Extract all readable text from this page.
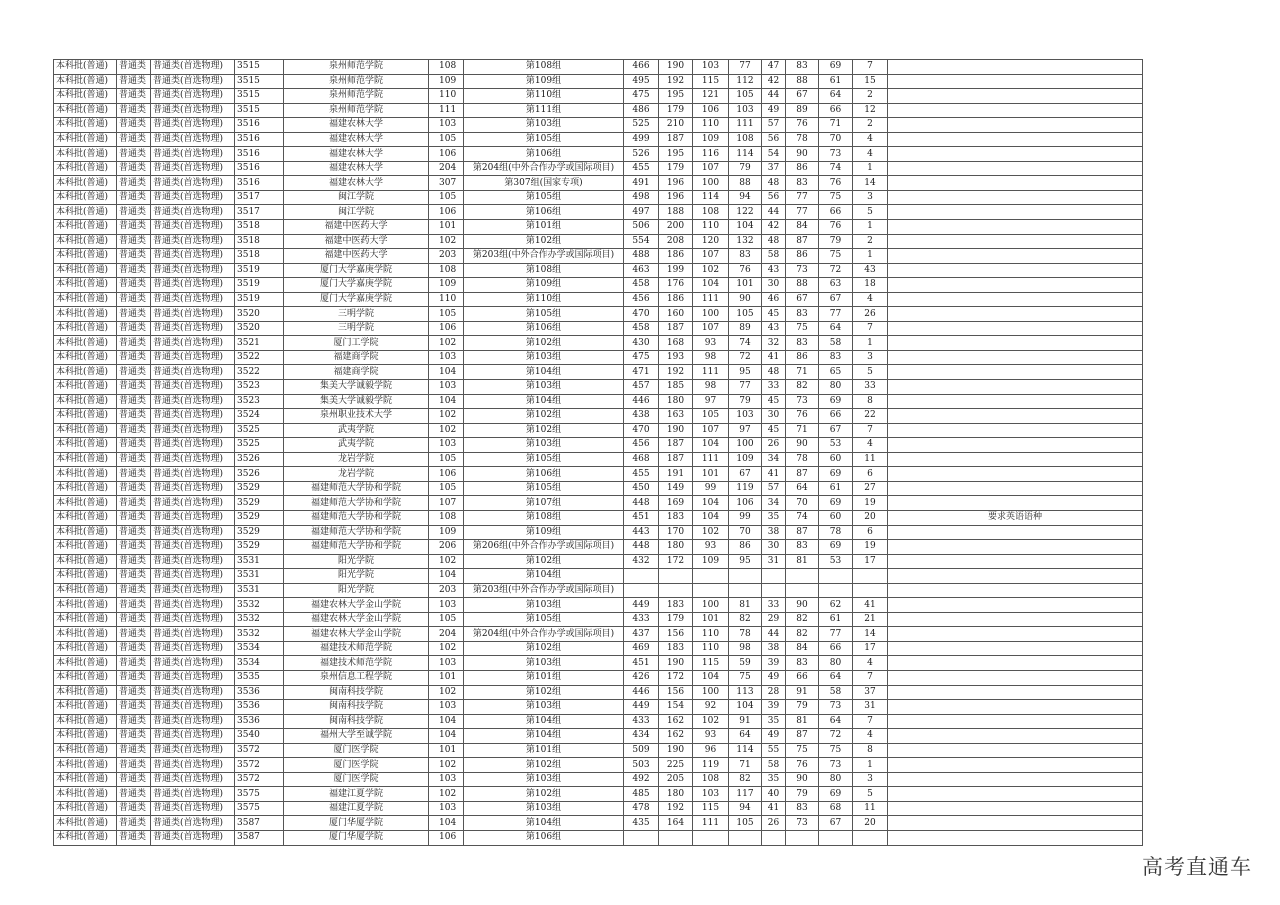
本科批(普通)	普通类	普通类(首选物理)	3515	泉州师范学院	108	第108组	466	190	103	77	47	83	69	7	
本科批(普通)	普通类	普通类(首选物理)	3515	泉州师范学院	109	第109组	495	192	115	112	42	88	61	15	
本科批(普通)	普通类	普通类(首选物理)	3515	泉州师范学院	110	第110组	475	195	121	105	44	67	64	2	
本科批(普通)	普通类	普通类(首选物理)	3515	泉州师范学院	111	第111组	486	179	106	103	49	89	66	12	
本科批(普通)	普通类	普通类(首选物理)	3516	福建农林大学	103	第103组	525	210	110	111	57	76	71	2	
本科批(普通)	普通类	普通类(首选物理)	3516	福建农林大学	105	第105组	499	187	109	108	56	78	70	4	
本科批(普通)	普通类	普通类(首选物理)	3516	福建农林大学	106	第106组	526	195	116	114	54	90	73	4	
本科批(普通)	普通类	普通类(首选物理)	3516	福建农林大学	204	第204组(中外合作办学或国际项目)	455	179	107	79	37	86	74	1	
本科批(普通)	普通类	普通类(首选物理)	3516	福建农林大学	307	第307组(国家专项)	491	196	100	88	48	83	76	14	
本科批(普通)	普通类	普通类(首选物理)	3517	闽江学院	105	第105组	498	196	114	94	56	77	75	3	
本科批(普通)	普通类	普通类(首选物理)	3517	闽江学院	106	第106组	497	188	108	122	44	77	66	5	
本科批(普通)	普通类	普通类(首选物理)	3518	福建中医药大学	101	第101组	506	200	110	104	42	84	76	1	
本科批(普通)	普通类	普通类(首选物理)	3518	福建中医药大学	102	第102组	554	208	120	132	48	87	79	2	
本科批(普通)	普通类	普通类(首选物理)	3518	福建中医药大学	203	第203组(中外合作办学或国际项目)	488	186	107	83	58	86	75	1	
本科批(普通)	普通类	普通类(首选物理)	3519	厦门大学嘉庚学院	108	第108组	463	199	102	76	43	73	72	43	
本科批(普通)	普通类	普通类(首选物理)	3519	厦门大学嘉庚学院	109	第109组	458	176	104	101	30	88	63	18	
本科批(普通)	普通类	普通类(首选物理)	3519	厦门大学嘉庚学院	110	第110组	456	186	111	90	46	67	67	4	
本科批(普通)	普通类	普通类(首选物理)	3520	三明学院	105	第105组	470	160	100	105	45	83	77	26	
本科批(普通)	普通类	普通类(首选物理)	3520	三明学院	106	第106组	458	187	107	89	43	75	64	7	
本科批(普通)	普通类	普通类(首选物理)	3521	厦门工学院	102	第102组	430	168	93	74	32	83	58	1	
本科批(普通)	普通类	普通类(首选物理)	3522	福建商学院	103	第103组	475	193	98	72	41	86	83	3	
本科批(普通)	普通类	普通类(首选物理)	3522	福建商学院	104	第104组	471	192	111	95	48	71	65	5	
本科批(普通)	普通类	普通类(首选物理)	3523	集美大学诚毅学院	103	第103组	457	185	98	77	33	82	80	33	
本科批(普通)	普通类	普通类(首选物理)	3523	集美大学诚毅学院	104	第104组	446	180	97	79	45	73	69	8	
本科批(普通)	普通类	普通类(首选物理)	3524	泉州职业技术大学	102	第102组	438	163	105	103	30	76	66	22	
本科批(普通)	普通类	普通类(首选物理)	3525	武夷学院	102	第102组	470	190	107	97	45	71	67	7	
本科批(普通)	普通类	普通类(首选物理)	3525	武夷学院	103	第103组	456	187	104	100	26	90	53	4	
本科批(普通)	普通类	普通类(首选物理)	3526	龙岩学院	105	第105组	468	187	111	109	34	78	60	11	
本科批(普通)	普通类	普通类(首选物理)	3526	龙岩学院	106	第106组	455	191	101	67	41	87	69	6	
本科批(普通)	普通类	普通类(首选物理)	3529	福建师范大学协和学院	105	第105组	450	149	99	119	57	64	61	27	
本科批(普通)	普通类	普通类(首选物理)	3529	福建师范大学协和学院	107	第107组	448	169	104	106	34	70	69	19	
本科批(普通)	普通类	普通类(首选物理)	3529	福建师范大学协和学院	108	第108组	451	183	104	99	35	74	60	20	要求英语语种
本科批(普通)	普通类	普通类(首选物理)	3529	福建师范大学协和学院	109	第109组	443	170	102	70	38	87	78	6	
本科批(普通)	普通类	普通类(首选物理)	3529	福建师范大学协和学院	206	第206组(中外合作办学或国际项目)	448	180	93	86	30	83	69	19	
本科批(普通)	普通类	普通类(首选物理)	3531	阳光学院	102	第102组	432	172	109	95	31	81	53	17	
本科批(普通)	普通类	普通类(首选物理)	3531	阳光学院	104	第104组									
本科批(普通)	普通类	普通类(首选物理)	3531	阳光学院	203	第203组(中外合作办学或国际项目)									
本科批(普通)	普通类	普通类(首选物理)	3532	福建农林大学金山学院	103	第103组	449	183	100	81	33	90	62	41	
本科批(普通)	普通类	普通类(首选物理)	3532	福建农林大学金山学院	105	第105组	433	179	101	82	29	82	61	21	
本科批(普通)	普通类	普通类(首选物理)	3532	福建农林大学金山学院	204	第204组(中外合作办学或国际项目)	437	156	110	78	44	82	77	14	
本科批(普通)	普通类	普通类(首选物理)	3534	福建技术师范学院	102	第102组	469	183	110	98	38	84	66	17	
本科批(普通)	普通类	普通类(首选物理)	3534	福建技术师范学院	103	第103组	451	190	115	59	39	83	80	4	
本科批(普通)	普通类	普通类(首选物理)	3535	泉州信息工程学院	101	第101组	426	172	104	75	49	66	64	7	
本科批(普通)	普通类	普通类(首选物理)	3536	闽南科技学院	102	第102组	446	156	100	113	28	91	58	37	
本科批(普通)	普通类	普通类(首选物理)	3536	闽南科技学院	103	第103组	449	154	92	104	39	79	73	31	
本科批(普通)	普通类	普通类(首选物理)	3536	闽南科技学院	104	第104组	433	162	102	91	35	81	64	7	
本科批(普通)	普通类	普通类(首选物理)	3540	福州大学至诚学院	104	第104组	434	162	93	64	49	87	72	4	
本科批(普通)	普通类	普通类(首选物理)	3572	厦门医学院	101	第101组	509	190	96	114	55	75	75	8	
本科批(普通)	普通类	普通类(首选物理)	3572	厦门医学院	102	第102组	503	225	119	71	58	76	73	1	
本科批(普通)	普通类	普通类(首选物理)	3572	厦门医学院	103	第103组	492	205	108	82	35	90	80	3	
本科批(普通)	普通类	普通类(首选物理)	3575	福建江夏学院	102	第102组	485	180	103	117	40	79	69	5	
本科批(普通)	普通类	普通类(首选物理)	3575	福建江夏学院	103	第103组	478	192	115	94	41	83	68	11	
本科批(普通)	普通类	普通类(首选物理)	3587	厦门华厦学院	104	第104组	435	164	111	105	26	73	67	20	
本科批(普通)	普通类	普通类(首选物理)	3587	厦门华厦学院	106	第106组									
高考直通车
